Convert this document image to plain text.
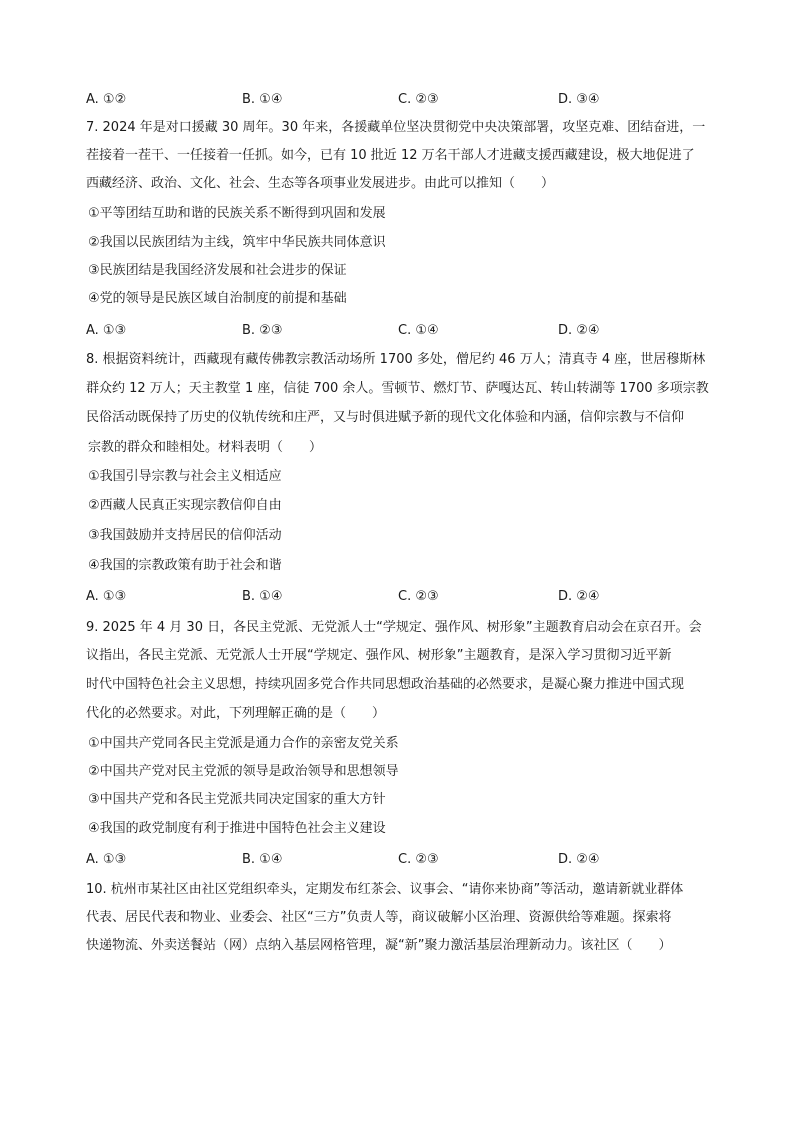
A. ①②	B. ①④	C. ②③	D. ③④
7. 2024 年是对口援藏 30 周年。30 年来，各援藏单位坚决贯彻党中央决策部署，攻坚克难、团结奋进，一
茬接着一茬干、一任接着一任抓。如今，已有 10 批近 12 万名干部人才进藏支援西藏建设，极大地促进了
西藏经济、政治、文化、社会、生态等各项事业发展进步。由此可以推知（　　）
①平等团结互助和谐的民族关系不断得到巩固和发展
②我国以民族团结为主线，筑牢中华民族共同体意识
③民族团结是我国经济发展和社会进步的保证
④党的领导是民族区域自治制度的前提和基础
A. ①③	B. ②③	C. ①④	D. ②④
8. 根据资料统计，西藏现有藏传佛教宗教活动场所 1700 多处，僧尼约 46 万人；清真寺 4 座，世居穆斯林
群众约 12 万人；天主教堂 1 座，信徒 700 余人。雪顿节、燃灯节、萨嘎达瓦、转山转湖等 1700 多项宗教
民俗活动既保持了历史的仪轨传统和庄严，又与时俱进赋予新的现代文化体验和内涵，信仰宗教与不信仰
宗教的群众和睦相处。材料表明（　　）
①我国引导宗教与社会主义相适应
②西藏人民真正实现宗教信仰自由
③我国鼓励并支持居民的信仰活动
④我国的宗教政策有助于社会和谐
A. ①③	B. ①④	C. ②③	D. ②④
9. 2025 年 4 月 30 日，各民主党派、无党派人士“学规定、强作风、树形象”主题教育启动会在京召开。会
议指出，各民主党派、无党派人士开展“学规定、强作风、树形象”主题教育，是深入学习贯彻习近平新
时代中国特色社会主义思想，持续巩固多党合作共同思想政治基础的必然要求，是凝心聚力推进中国式现
代化的必然要求。对此，下列理解正确的是（　　）
①中国共产党同各民主党派是通力合作的亲密友党关系
②中国共产党对民主党派的领导是政治领导和思想领导
③中国共产党和各民主党派共同决定国家的重大方针
④我国的政党制度有利于推进中国特色社会主义建设
A. ①③	B. ①④	C. ②③	D. ②④
10. 杭州市某社区由社区党组织牵头，定期发布红茶会、议事会、“请你来协商”等活动，邀请新就业群体
代表、居民代表和物业、业委会、社区“三方”负责人等，商议破解小区治理、资源供给等难题。探索将
快递物流、外卖送餐站（网）点纳入基层网格管理，凝“新”聚力激活基层治理新动力。该社区（　　）
